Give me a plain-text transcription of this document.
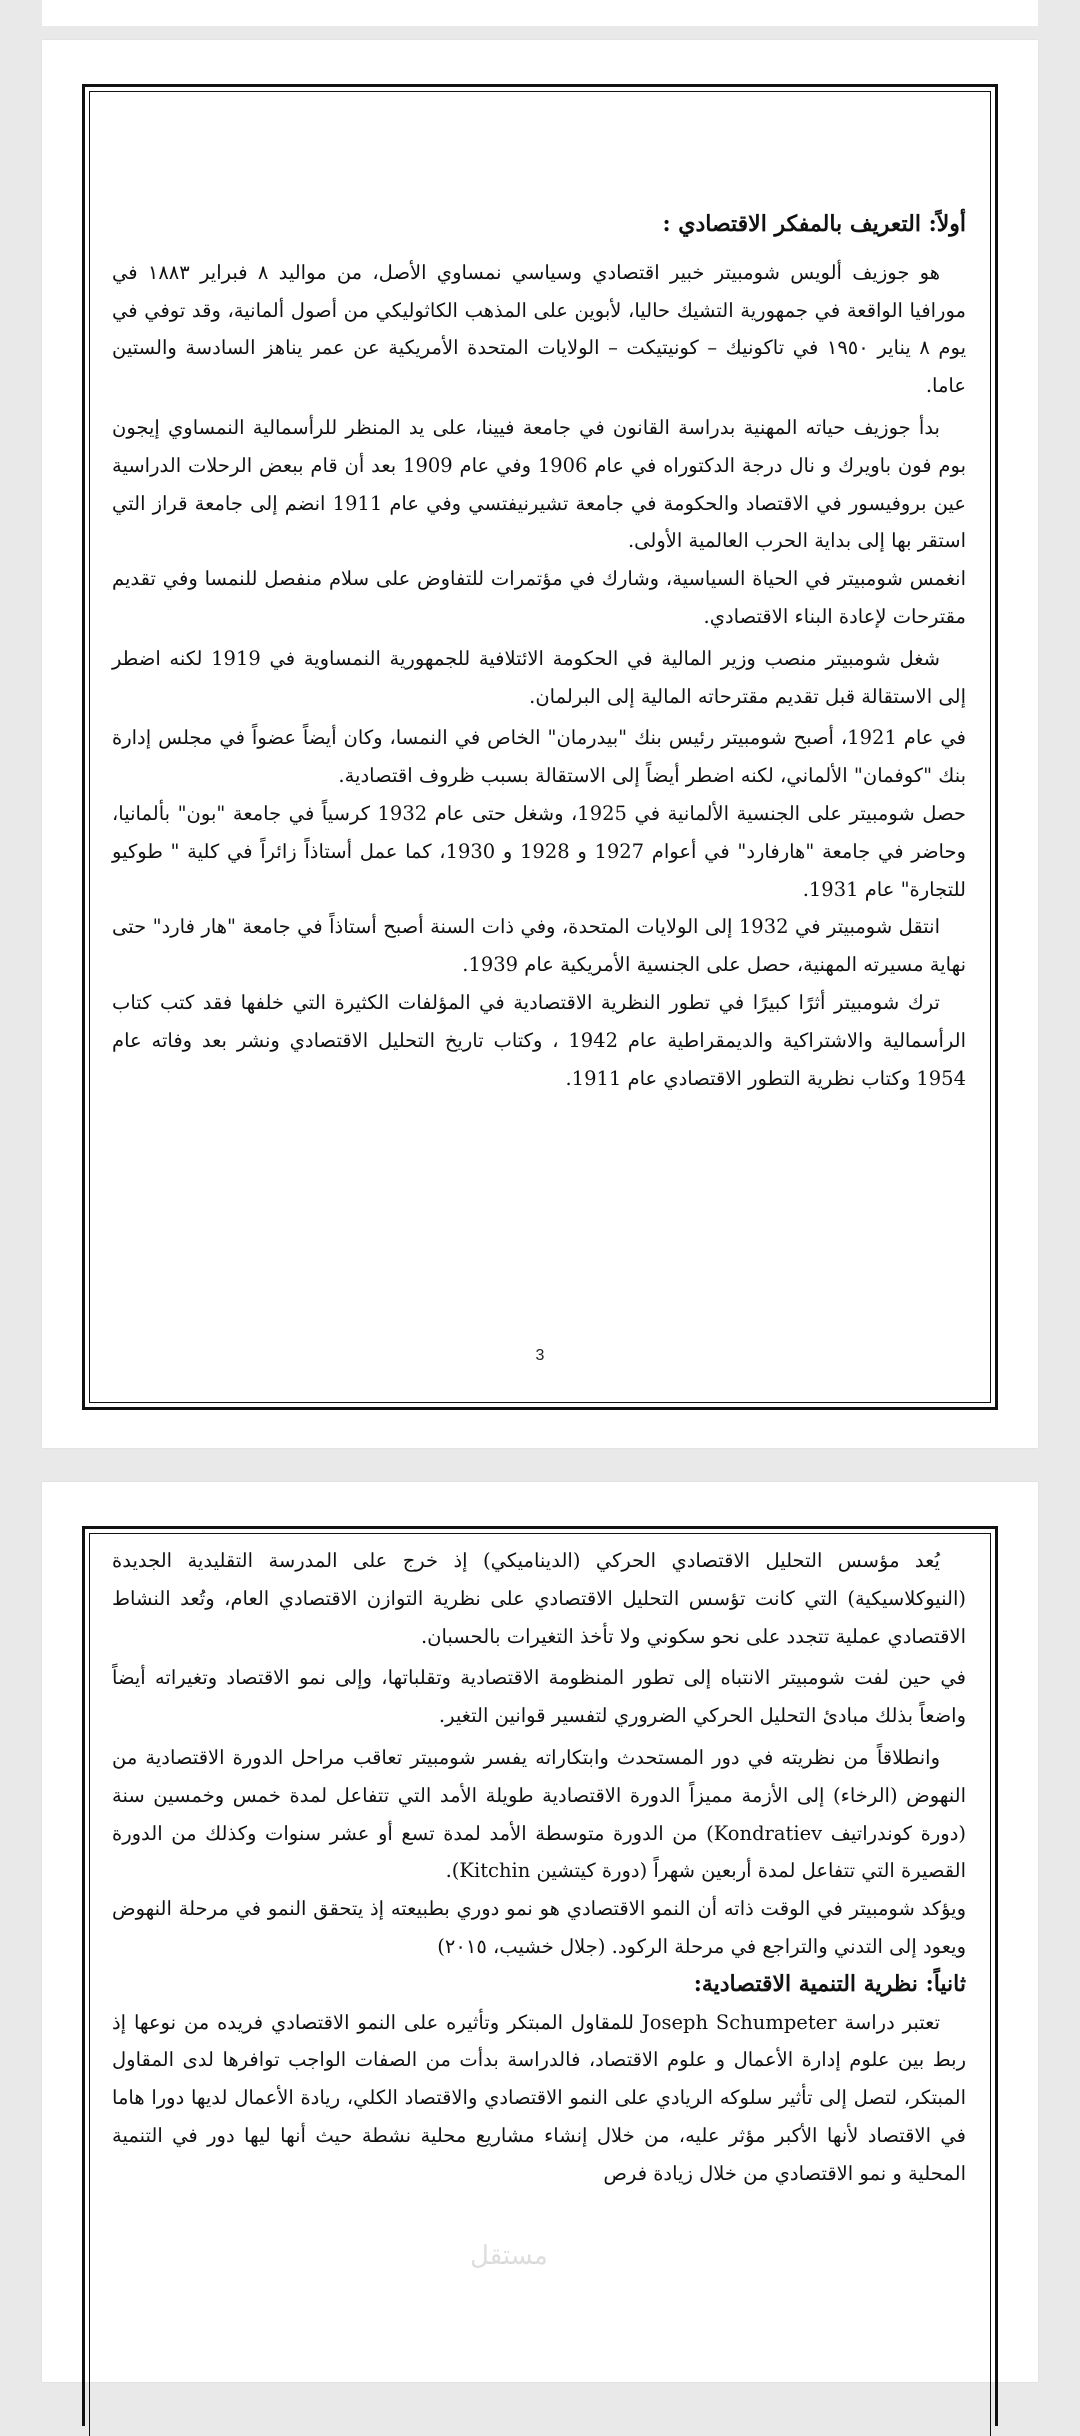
أولاً: التعريف بالمفكر الاقتصادي :

هو جوزيف ألويس شومبيتر خبير اقتصادي وسياسي نمساوي الأصل، من مواليد ٨ فبراير ١٨٨٣ في مورافيا الواقعة في جمهورية التشيك حاليا، لأبوين على المذهب الكاثوليكي من أصول ألمانية، وقد توفي في يوم ٨ يناير ١٩٥٠ في تاكونيك – كونيتيكت – الولايات المتحدة الأمريكية عن عمر يناهز السادسة والستين عاما.

بدأ جوزيف حياته المهنية بدراسة القانون في جامعة فيينا، على يد المنظر للرأسمالية النمساوي إيجون بوم فون باويرك و نال درجة الدكتوراه في عام 1906 وفي عام 1909 بعد أن قام ببعض الرحلات الدراسية عين بروفيسور في الاقتصاد والحكومة في جامعة تشيرنيفتسي وفي عام 1911 انضم إلى جامعة قراز التي استقر بها إلى بداية الحرب العالمية الأولى.

انغمس شومبيتر في الحياة السياسية، وشارك في مؤتمرات للتفاوض على سلام منفصل للنمسا وفي تقديم مقترحات لإعادة البناء الاقتصادي.

شغل شومبيتر منصب وزير المالية في الحكومة الائتلافية للجمهورية النمساوية في 1919 لكنه اضطر إلى الاستقالة قبل تقديم مقترحاته المالية إلى البرلمان.

في عام 1921، أصبح شومبيتر رئيس بنك "بيدرمان" الخاص في النمسا، وكان أيضاً عضواً في مجلس إدارة بنك "كوفمان" الألماني، لكنه اضطر أيضاً إلى الاستقالة بسبب ظروف اقتصادية.

حصل شومبيتر على الجنسية الألمانية في 1925، وشغل حتى عام 1932 كرسياً في جامعة "بون" بألمانيا، وحاضر في جامعة "هارفارد" في أعوام 1927 و 1928 و 1930، كما عمل أستاذاً زائراً في كلية " طوكيو للتجارة" عام 1931.

انتقل شومبيتر في 1932 إلى الولايات المتحدة، وفي ذات السنة أصبح أستاذاً في جامعة "هار فارد" حتى نهاية مسيرته المهنية، حصل على الجنسية الأمريكية عام 1939.

ترك شومبيتر أثرًا كبيرًا في تطور النظرية الاقتصادية في المؤلفات الكثيرة التي خلفها فقد كتب كتاب الرأسمالية والاشتراكية والديمقراطية عام 1942 ، وكتاب تاريخ التحليل الاقتصادي ونشر بعد وفاته عام 1954 وكتاب نظرية التطور الاقتصادي عام 1911.

3

يُعد مؤسس التحليل الاقتصادي الحركي (الديناميكي) إذ خرج على المدرسة التقليدية الجديدة (النيوكلاسيكية) التي كانت تؤسس التحليل الاقتصادي على نظرية التوازن الاقتصادي العام، وتُعد النشاط الاقتصادي عملية تتجدد على نحو سكوني ولا تأخذ التغيرات بالحسبان.

في حين لفت شومبيتر الانتباه إلى تطور المنظومة الاقتصادية وتقلباتها، وإلى نمو الاقتصاد وتغيراته أيضاً واضعاً بذلك مبادئ التحليل الحركي الضروري لتفسير قوانين التغير.

وانطلاقاً من نظريته في دور المستحدث وابتكاراته يفسر شومبيتر تعاقب مراحل الدورة الاقتصادية من النهوض (الرخاء) إلى الأزمة مميزاً الدورة الاقتصادية طويلة الأمد التي تتفاعل لمدة خمس وخمسين سنة (دورة كوندراتيف Kondratiev) من الدورة متوسطة الأمد لمدة تسع أو عشر سنوات وكذلك من الدورة القصيرة التي تتفاعل لمدة أربعين شهراً (دورة كيتشين Kitchin).

ويؤكد شومبيتر في الوقت ذاته أن النمو الاقتصادي هو نمو دوري بطبيعته إذ يتحقق النمو في مرحلة النهوض ويعود إلى التدني والتراجع في مرحلة الركود. (جلال خشيب، ٢٠١٥)

ثانياً: نظرية التنمية الاقتصادية:

تعتبر دراسة Joseph Schumpeter للمقاول المبتكر وتأثيره على النمو الاقتصادي فريده من نوعها إذ ربط بين علوم إدارة الأعمال و علوم الاقتصاد، فالدراسة بدأت من الصفات الواجب توافرها لدى المقاول المبتكر، لتصل إلى تأثير سلوكه الريادي على النمو الاقتصادي والاقتصاد الكلي، ريادة الأعمال لديها دورا هاما في الاقتصاد لأنها الأكبر مؤثر عليه، من خلال إنشاء مشاريع محلية نشطة حيث أنها ليها دور في التنمية المحلية و نمو الاقتصادي من خلال زيادة فرص

مستقل
